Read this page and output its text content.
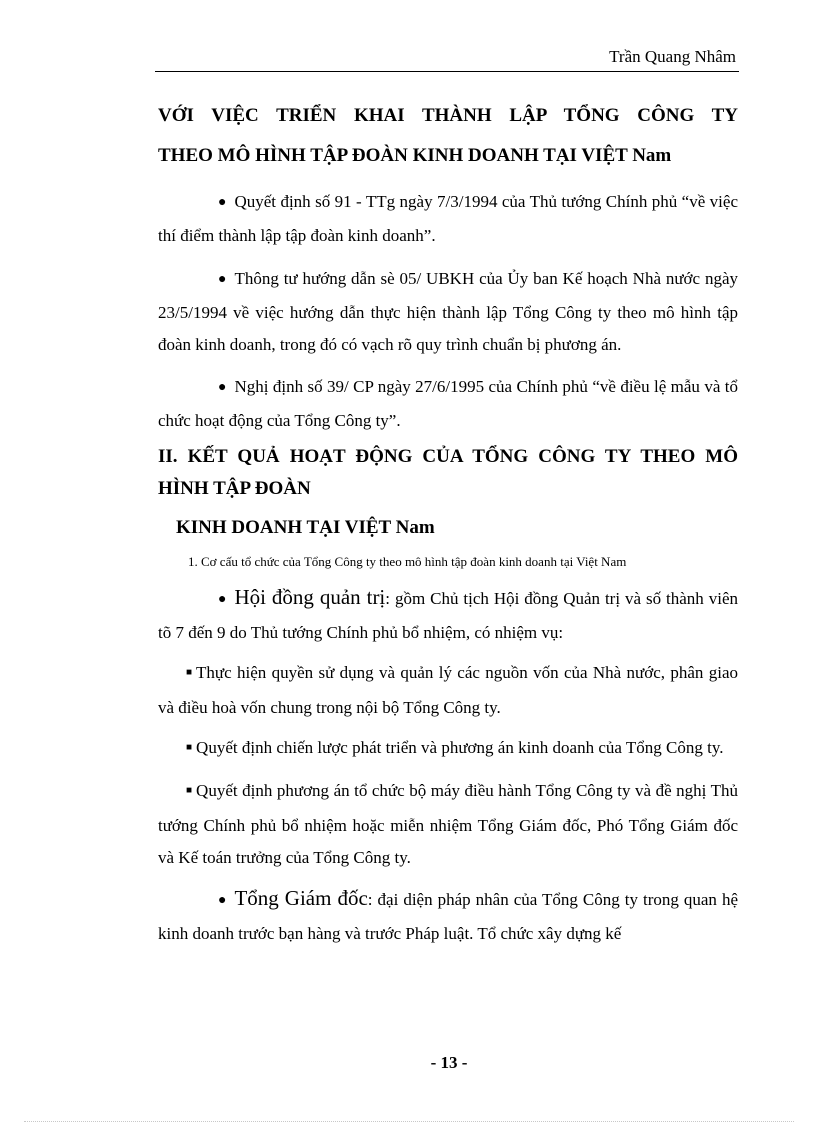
Trần Quang Nhâm
VỚI VIỆC TRIỂN KHAI THÀNH LẬP TỔNG CÔNG TY
THEO MÔ HÌNH TẬP ĐOÀN KINH DOANH TẠI VIỆT Nam

● Quyết định số 91 - TTg ngày 7/3/1994 của Thủ tướng Chính phủ “về việc thí điểm thành lập tập đoàn kinh doanh”.

● Thông tư hướng dẫn sè 05/ UBKH của Ủy ban Kế hoạch Nhà nước ngày 23/5/1994 về việc hướng dẫn thực hiện thành lập Tổng Công ty theo mô hình tập đoàn kinh doanh, trong đó có vạch rõ quy trình chuẩn bị phương án.

● Nghị định số 39/ CP ngày 27/6/1995 của Chính phủ “về điều lệ mẫu và tổ chức hoạt động của Tổng Công ty”.

II. KẾT QUẢ HOẠT ĐỘNG CỦA TỔNG CÔNG TY THEO MÔ
HÌNH TẬP ĐOÀN
KINH DOANH TẠI VIỆT Nam

1. Cơ cấu tổ chức của Tổng Công ty theo mô hình tập đoàn kinh doanh tại Việt Nam

● Hội đồng quản trị: gồm Chủ tịch Hội đồng Quản trị và số thành viên tõ 7 đến 9 do Thủ tướng Chính phủ bổ nhiệm, có nhiệm vụ:

■ Thực hiện quyền sử dụng và quản lý các nguồn vốn của Nhà nước, phân giao và điều hoà vốn chung trong nội bộ Tổng Công ty.

■ Quyết định chiến lược phát triển và phương án kinh doanh của Tổng Công ty.

■ Quyết định phương án tổ chức bộ máy điều hành Tổng Công ty và đề nghị Thủ tướng Chính phủ bổ nhiệm hoặc miễn nhiệm Tổng Giám đốc, Phó Tổng Giám đốc và Kế toán trưởng của Tổng Công ty.

● Tổng Giám đốc: đại diện pháp nhân của Tổng Công ty trong quan hệ kinh doanh trước bạn hàng và trước Pháp luật. Tổ chức xây dựng kế

- 13 -
